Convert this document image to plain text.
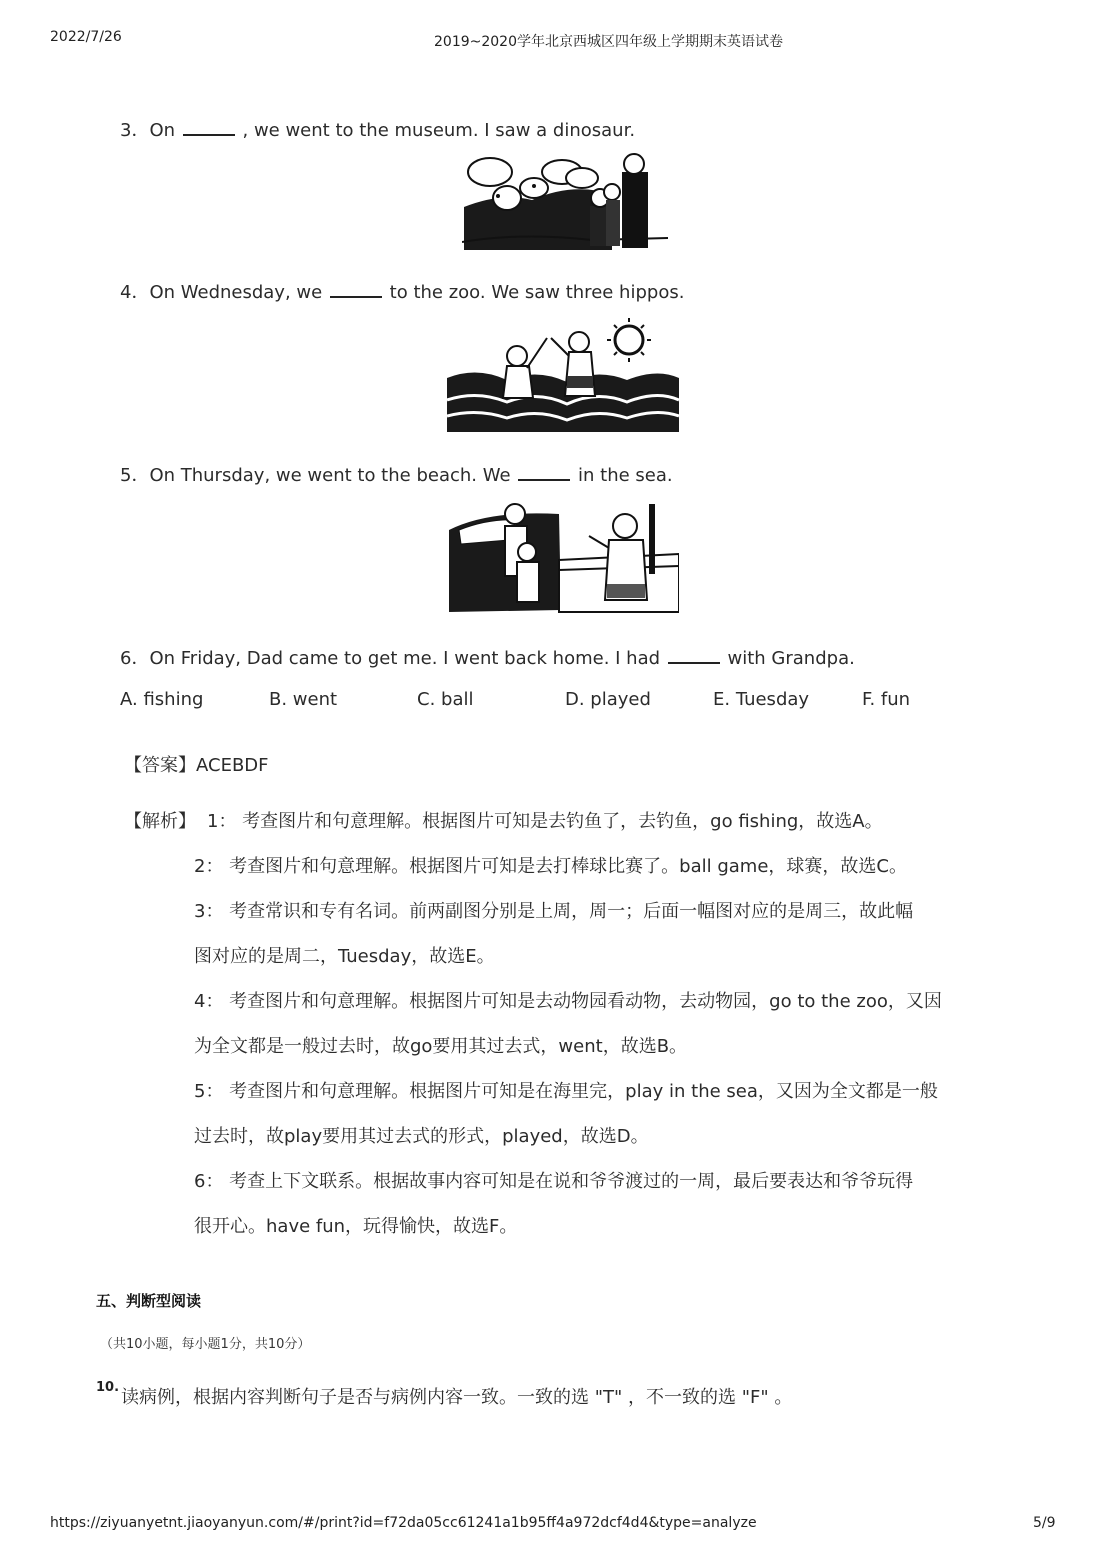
2022/7/26	2019~2020学年北京西城区四年级上学期期末英语试卷
3．On	, we went to the museum. I saw a dinosaur.
4．On Wednesday, we	to the zoo. We saw three hippos.
5．On Thursday, we went to the beach. We	in the sea.
6．On Friday, Dad came to get me. I went back home. I had	with Grandpa.
A. fishing	B. went	C. ball	D. played	E. Tuesday	F. fun
【答案】ACEBDF
【解析】 1： 考查图片和句意理解。根据图片可知是去钓鱼了，去钓鱼，go fishing，故选A。
2： 考查图片和句意理解。根据图片可知是去打棒球比赛了。ball game，球赛，故选C。
3： 考查常识和专有名词。前两副图分别是上周，周一；后面一幅图对应的是周三，故此幅
图对应的是周二，Tuesday，故选E。
4： 考查图片和句意理解。根据图片可知是去动物园看动物，去动物园，go to the zoo，又因
为全文都是一般过去时，故go要用其过去式，went，故选B。
5： 考查图片和句意理解。根据图片可知是在海里完，play in the sea，又因为全文都是一般
过去时，故play要用其过去式的形式，played，故选D。
6： 考查上下文联系。根据故事内容可知是在说和爷爷渡过的一周，最后要表达和爷爷玩得
很开心。have fun，玩得愉快，故选F。
五、判断型阅读
（共10小题，每小题1分，共10分）
10. 读病例，根据内容判断句子是否与病例内容一致。一致的选 "T" ，不一致的选 "F" 。
https://ziyuanyetnt.jiaoyanyun.com/#/print?id=f72da05cc61241a1b95ff4a972dcf4d4&type=analyze	5/9
